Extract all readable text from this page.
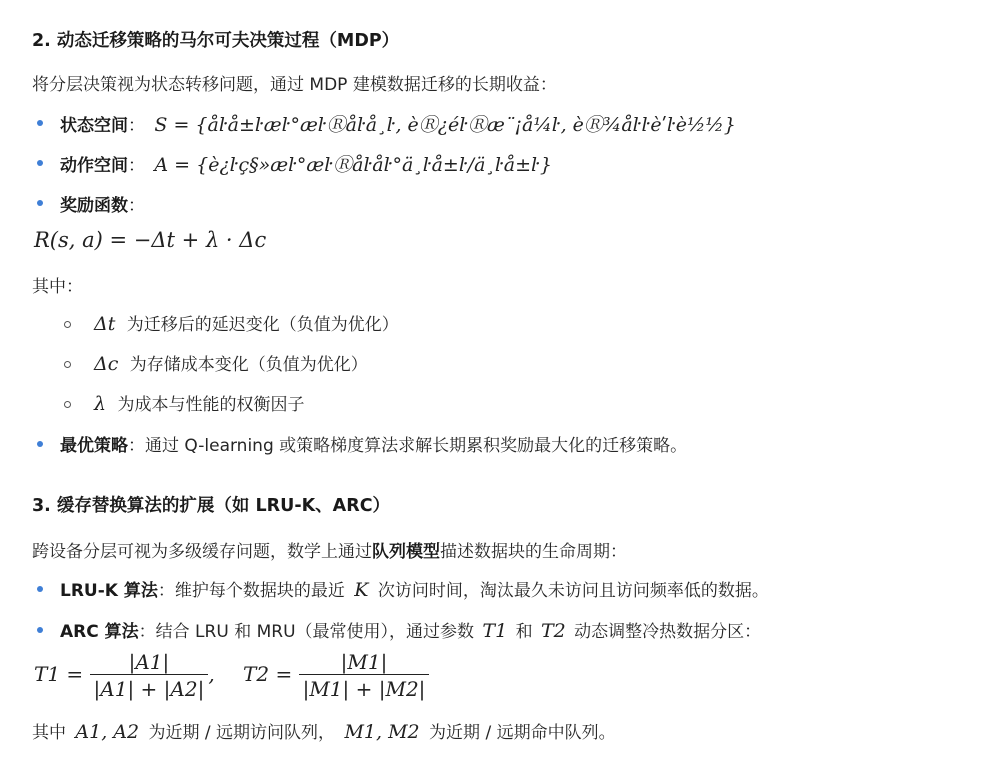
2. 动态迁移策略的马尔可夫决策过程（MDP）
将分层决策视为状态转移问题，通过 MDP 建模数据迁移的长期收益：
状态空间： S = {åŀå±ŀæŀ°æŀⓇåŀå¸ŀ, èⓇ¿éŀⓇæ¨¡å¼ŀ, èⓇ¾åŀŀèʹŀè½½}
动作空间： A = {è¿ŀç§»æŀ°æŀⓇåŀåŀ°ä¸ŀå±ŀ/ä¸ŀå±ŀ}
奖励函数：
R(s, a) = −Δt + λ · Δc
其中：
Δt 为迁移后的延迟变化（负值为优化）
Δc 为存储成本变化（负值为优化）
λ 为成本与性能的权衡因子
最优策略：通过 Q-learning 或策略梯度算法求解长期累积奖励最大化的迁移策略。
3. 缓存替换算法的扩展（如 LRU-K、ARC）
跨设备分层可视为多级缓存问题，数学上通过队列模型描述数据块的生命周期：
LRU-K 算法：维护每个数据块的最近 K 次访问时间，淘汰最久未访问且访问频率低的数据。
ARC 算法：结合 LRU 和 MRU（最常使用），通过参数 T1 和 T2 动态调整冷热数据分区：
$T1 = \frac{|A1|}{|A1| + |A2|}$ , $T2 = \frac{|M1|}{|M1| + |M2|}$
其中 A1, A2 为近期 / 远期访问队列， M1, M2 为近期 / 远期命中队列。
